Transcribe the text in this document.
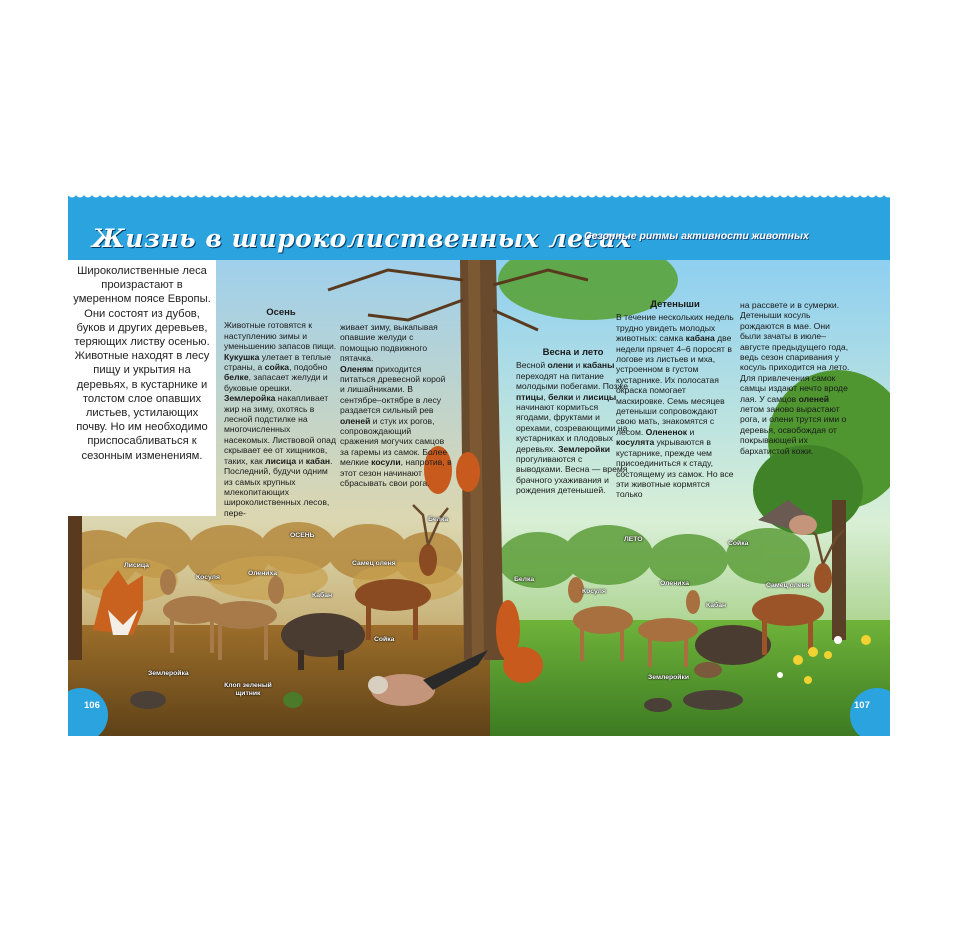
Жизнь в широколиственных лесах
Сезонные ритмы активности животных

Широколиственные леса произрастают в умеренном поясе Европы. Они состоят из дубов, буков и других деревьев, теряющих листву осенью. Животные находят в лесу пищу и укрытия на деревьях, в кустарнике и толстом слое опавших листьев, устилающих почву. Но им необходимо приспосабливаться к сезонным изменениям.

Осень

Животные готовятся к наступлению зимы и уменьшению запасов пищи. Кукушка улетает в теплые страны, а сойка, подобно белке, запасает желуди и буковые орешки. Землеройка накапливает жир на зиму, охотясь в лесной подстилке на многочисленных насекомых. Листвовой опад скрывает ее от хищников, таких, как лисица и кабан. Последний, будучи одним из самых крупных млекопитающих широколиственных лесов, пере-

живает зиму, выкапывая опавшие желуди с помощью подвижного пятачка.
Оленям приходится питаться древесной корой и лишайниками. В сентябре–октябре в лесу раздается сильный рев оленей и стук их рогов, сопровождающий сражения могучих самцов за гаремы из самок. Более мелкие косули, напротив, в этот сезон начинают сбрасывать свои рога.

Весна и лето

Весной олени и кабаны переходят на питание молодыми побегами. Позже птицы, белки и лисицы начинают кормиться ягодами, фруктами и орехами, созревающими на кустарниках и плодовых деревьях. Землеройки прогуливаются с выводками. Весна — время брачного ухаживания и рождения детенышей.

Детеныши

В течение нескольких недель трудно увидеть молодых животных: самка кабана две недели прячет 4–6 поросят в логове из листьев и мха, устроенном в густом кустарнике. Их полосатая окраска помогает маскировке. Семь месяцев детеныши сопровождают свою мать, знакомятся с лесом. Олененок и косулята укрываются в кустарнике, прежде чем присоединиться к стаду, состоящему из самок. Но все эти животные кормятся только

на рассвете и в сумерки. Детеныши косуль рождаются в мае. Они были зачаты в июле–августе предыдущего года, ведь сезон спаривания у косуль приходится на лето. Для привлечения самок самцы издают нечто вроде лая. У самцов оленей летом заново вырастают рога, и олени трутся ими о деревья, освобождая от покрывающей их бархатистой кожи.

ОСЕНЬ
ЛЕТО
Лисица
Косуля
Олениха
Кабан
Самец оленя
Сойка
Белка
Землеройка
Клоп зеленый щитник
Белка
Косуля
Олениха
Кабан
Самец оленя
Сойка
Землеройки
106	107
